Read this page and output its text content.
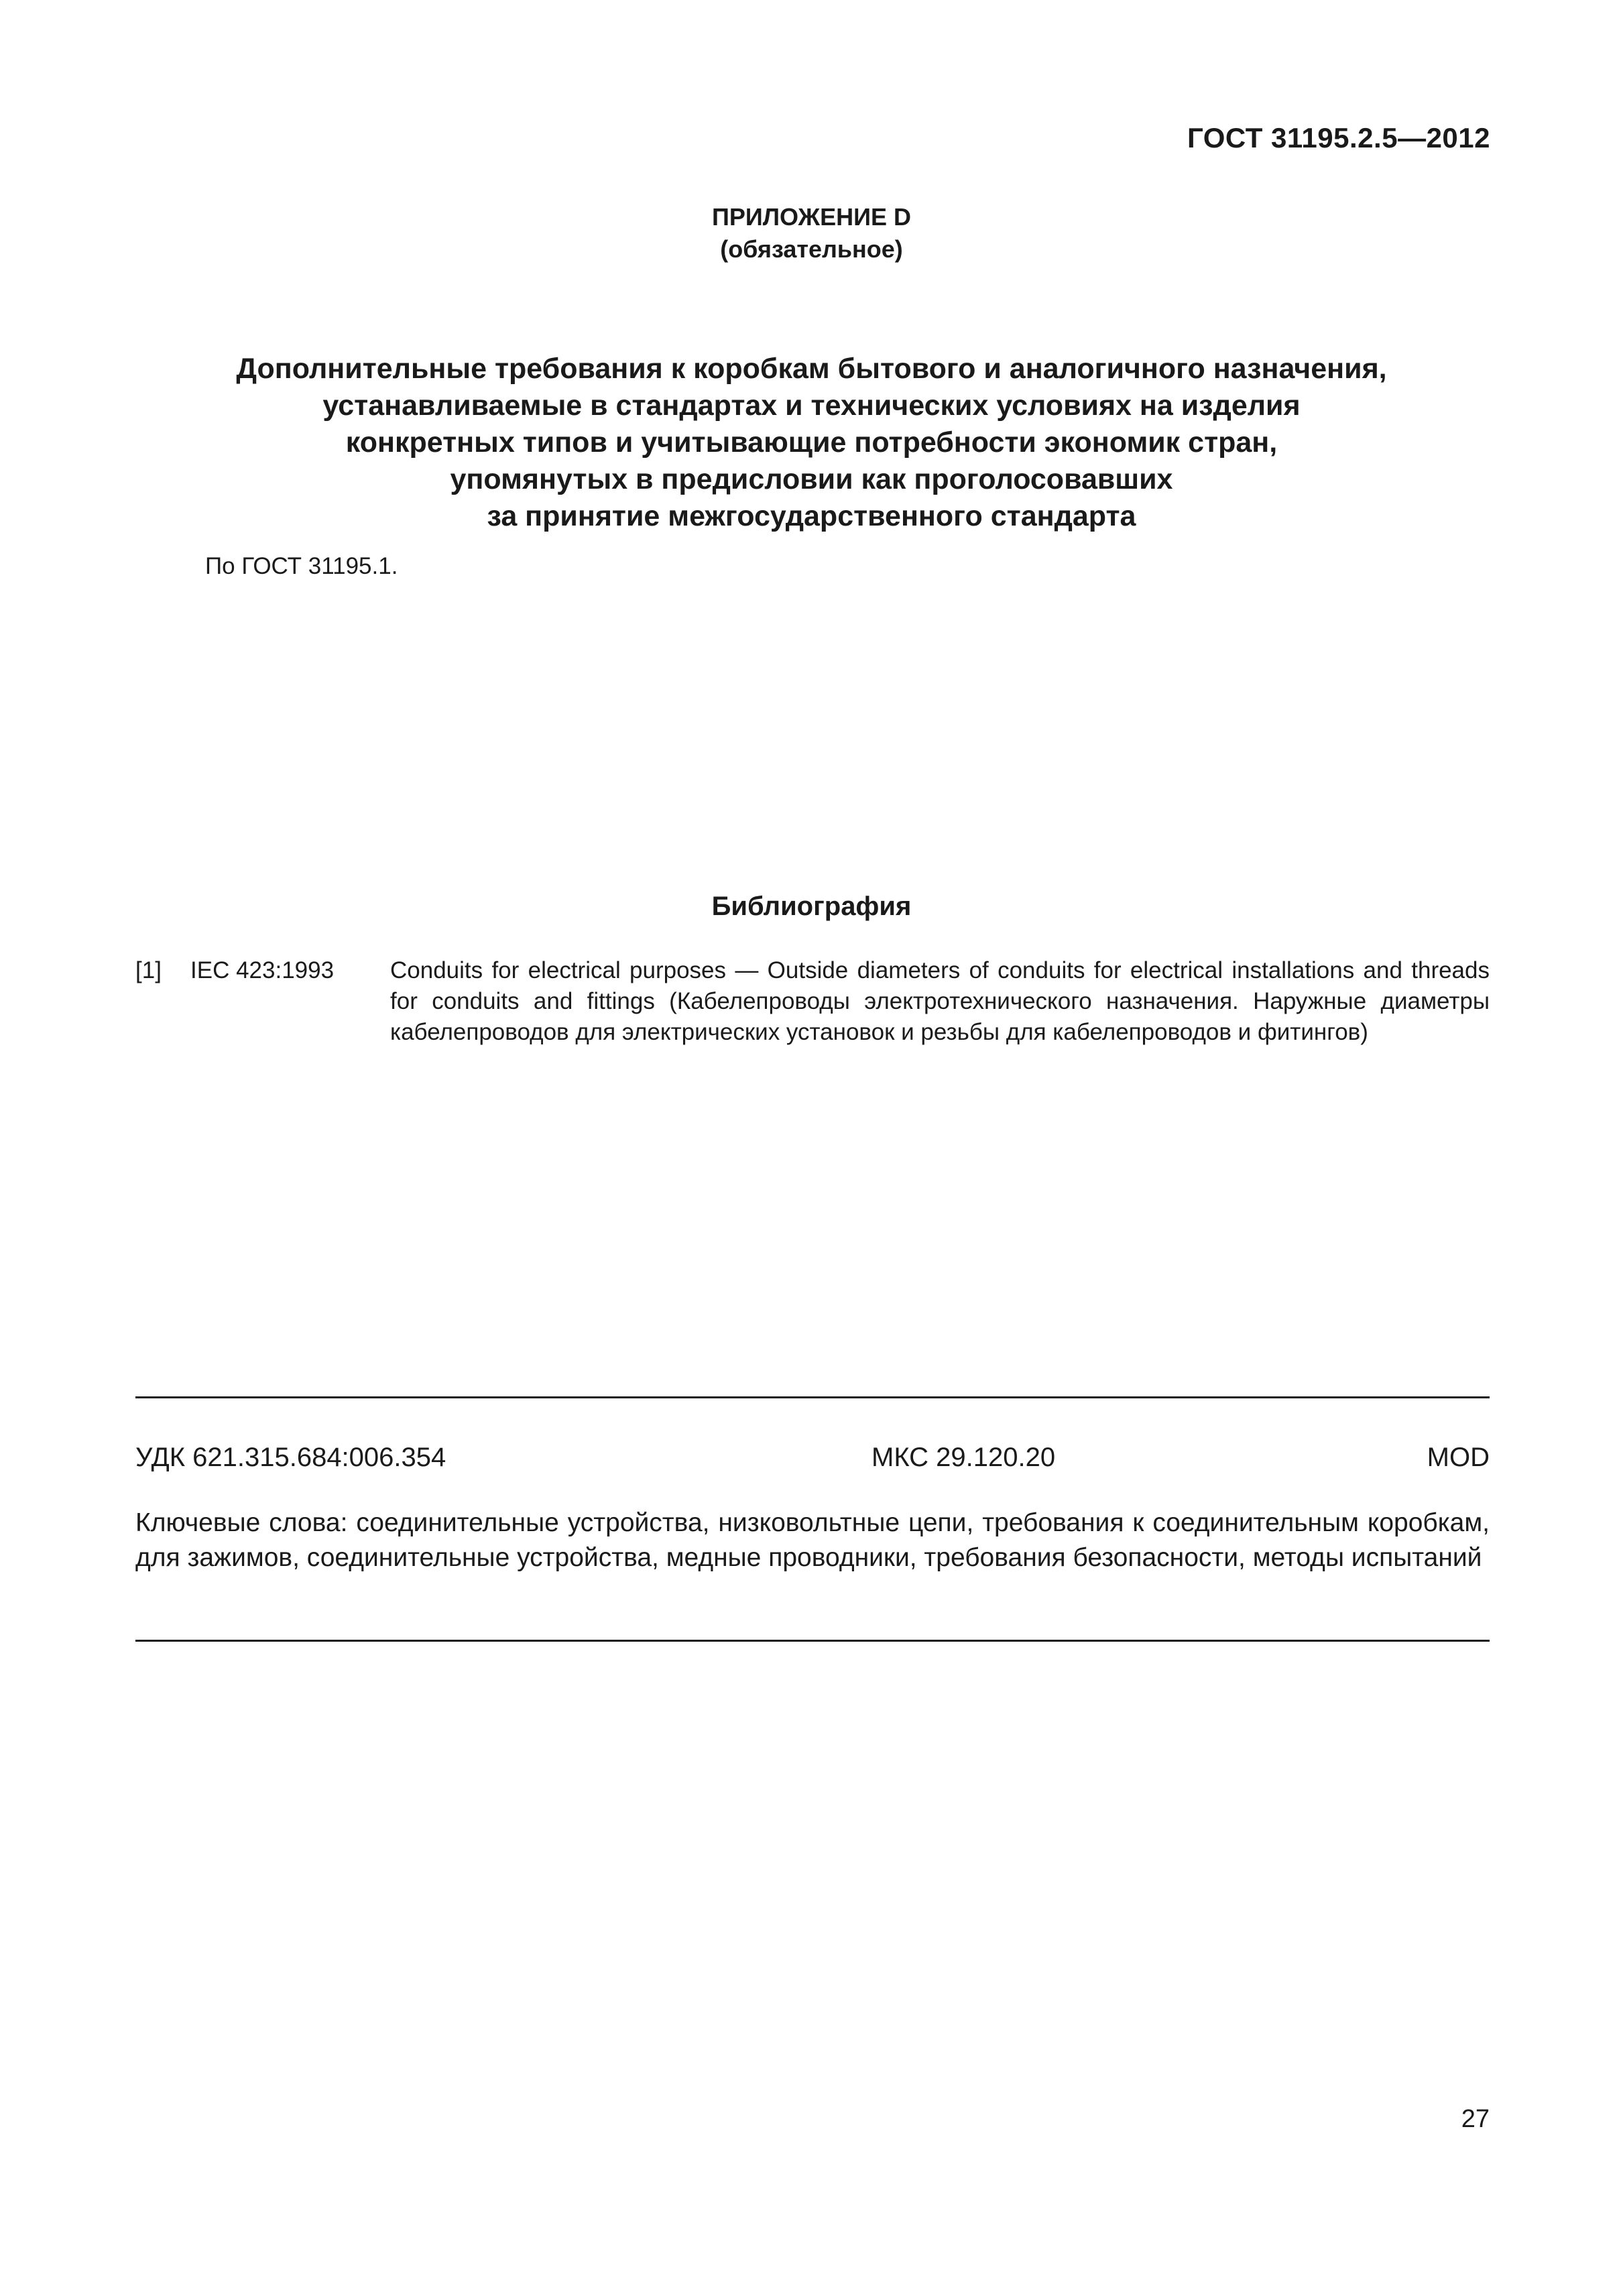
ГОСТ 31195.2.5—2012
ПРИЛОЖЕНИЕ D
(обязательное)
Дополнительные требования к коробкам бытового и аналогичного назначения,
устанавливаемые в стандартах и технических условиях на изделия
конкретных типов и учитывающие потребности экономик стран,
упомянутых в предисловии как проголосовавших
за принятие межгосударственного стандарта
По ГОСТ 31195.1.
Библиография
[1] IEC 423:1993 Conduits for electrical purposes — Outside diameters of conduits for electrical installations and threads for conduits and fittings (Кабелепроводы электротехнического назначения. Наружные диаметры кабелепроводов для электрических установок и резьбы для кабелепроводов и фитингов)
УДК 621.315.684:006.354	МКС 29.120.20	MOD
Ключевые слова: соединительные устройства, низковольтные цепи, требования к соединительным коробкам, для зажимов, соединительные устройства, медные проводники, требования безопасности, методы испытаний
27
